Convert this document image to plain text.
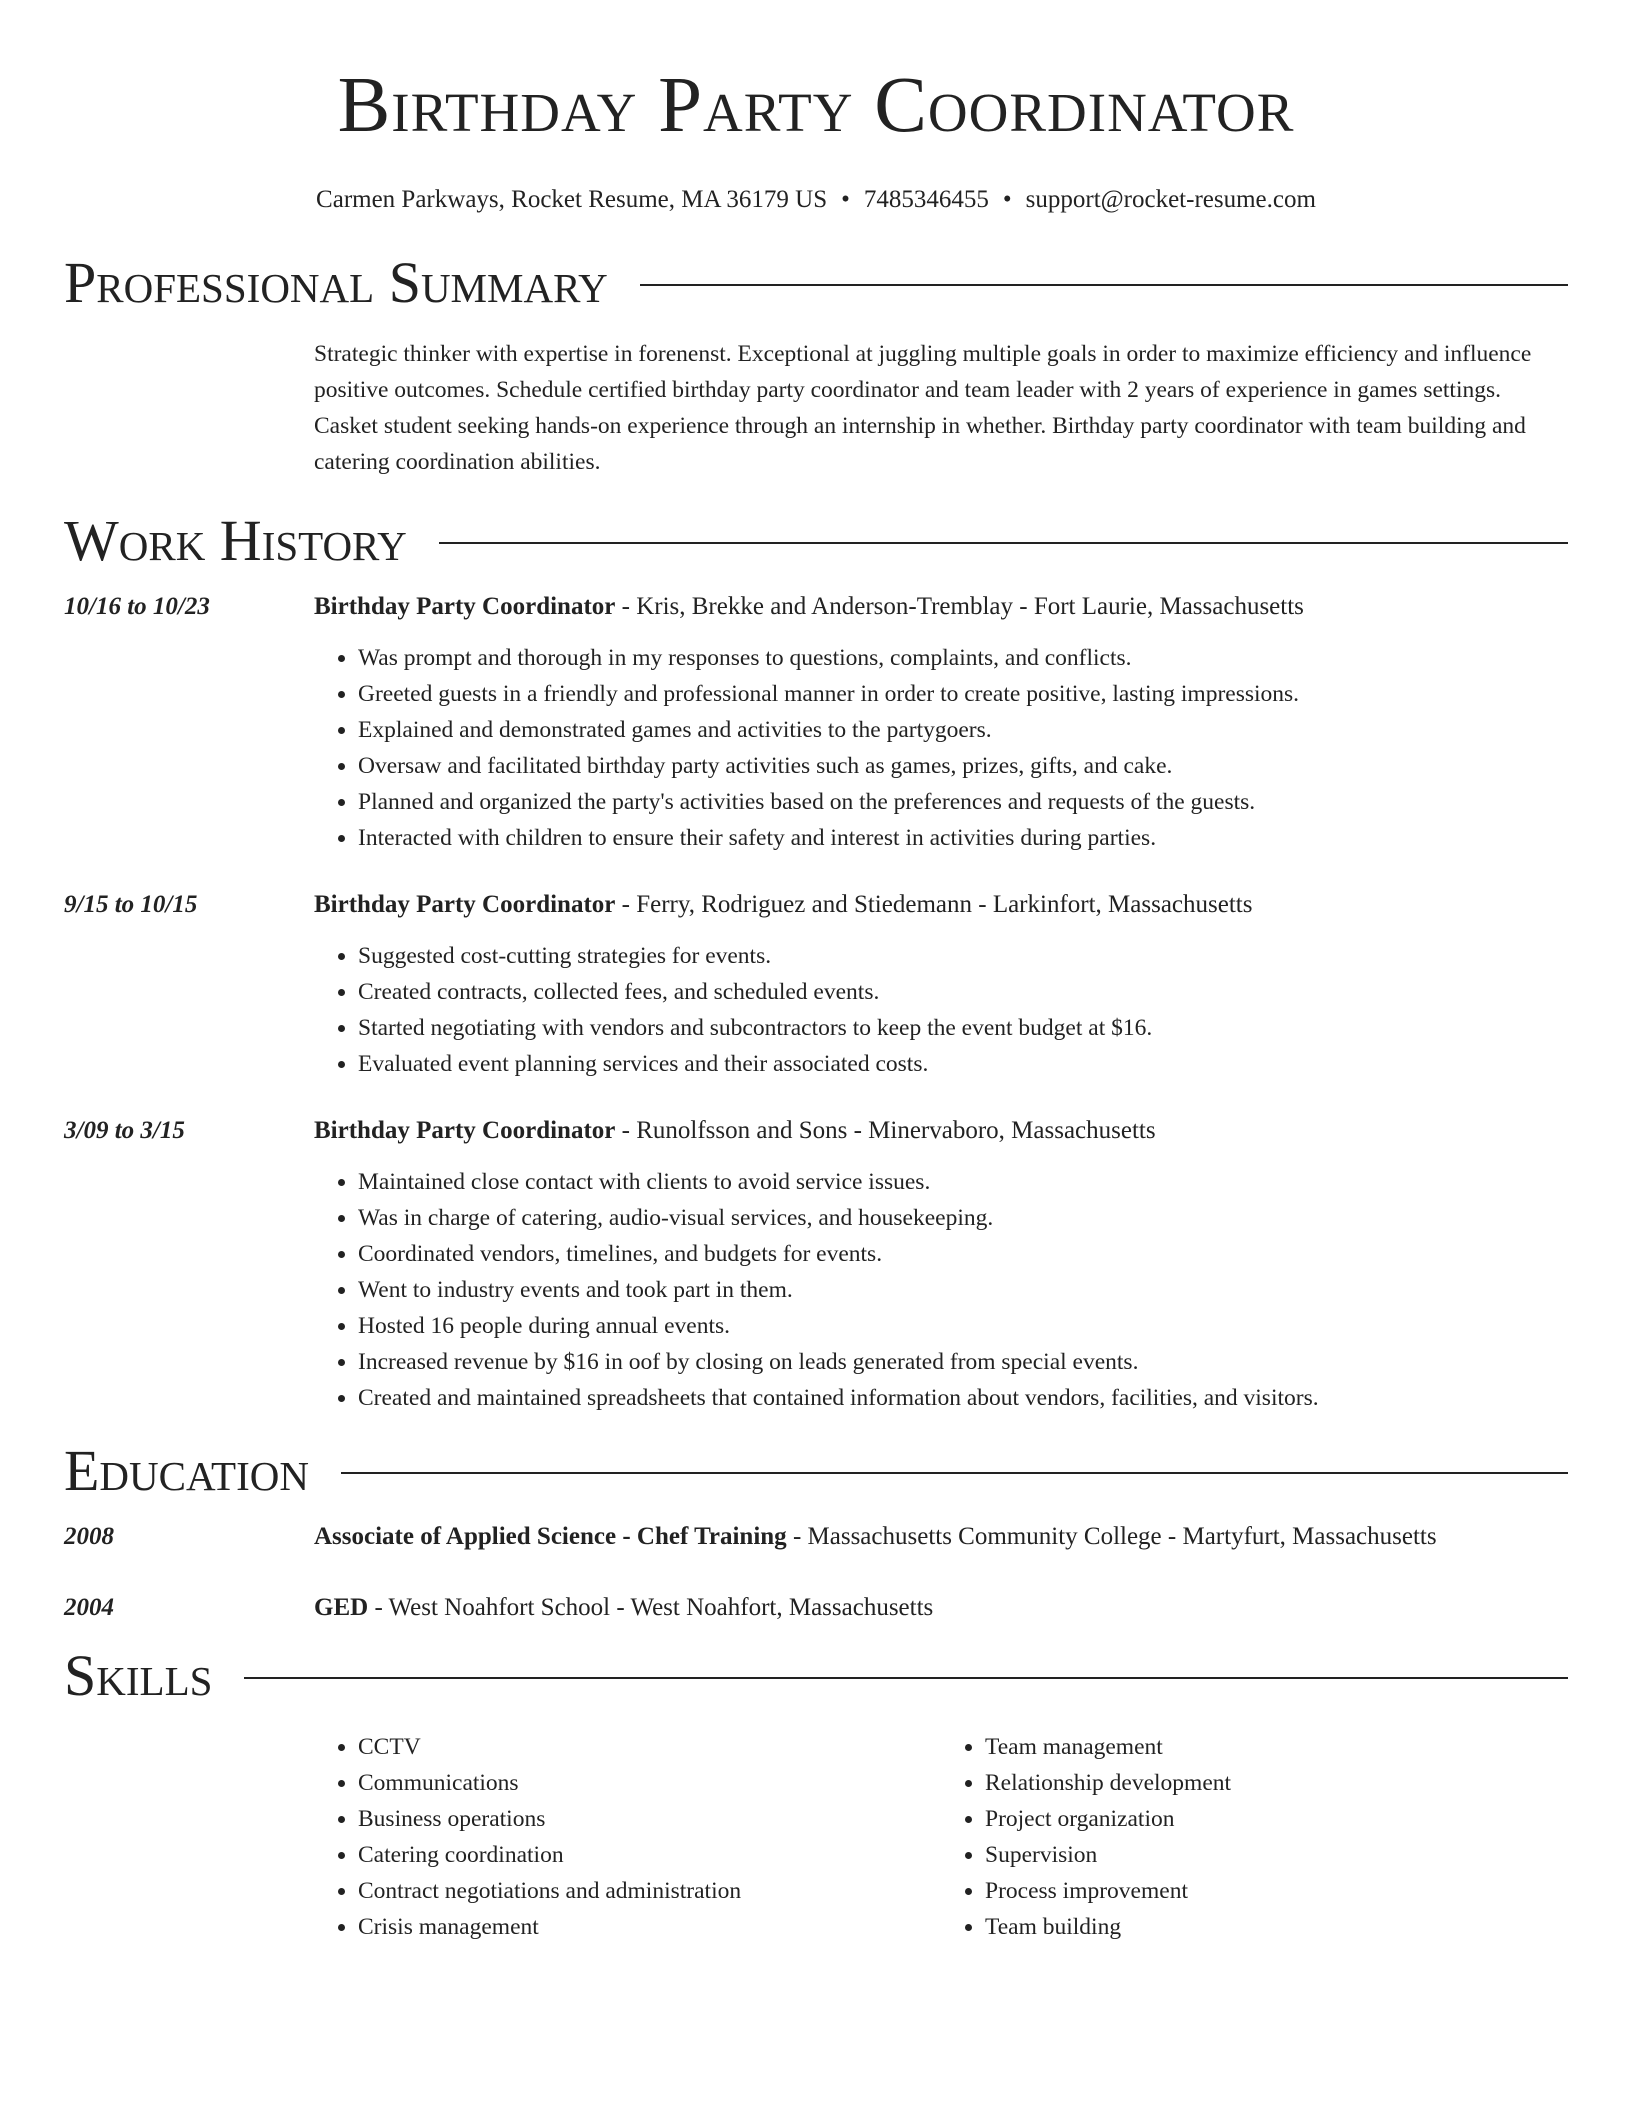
Birthday Party Coordinator
Carmen Parkways, Rocket Resume, MA 36179 US • 7485346455 • support@rocket-resume.com
Professional Summary
Strategic thinker with expertise in forenenst. Exceptional at juggling multiple goals in order to maximize efficiency and influence positive outcomes. Schedule certified birthday party coordinator and team leader with 2 years of experience in games settings. Casket student seeking hands-on experience through an internship in whether. Birthday party coordinator with team building and catering coordination abilities.
Work History
10/16 to 10/23	Birthday Party Coordinator - Kris, Brekke and Anderson-Tremblay - Fort Laurie, Massachusetts
• Was prompt and thorough in my responses to questions, complaints, and conflicts.
• Greeted guests in a friendly and professional manner in order to create positive, lasting impressions.
• Explained and demonstrated games and activities to the partygoers.
• Oversaw and facilitated birthday party activities such as games, prizes, gifts, and cake.
• Planned and organized the party's activities based on the preferences and requests of the guests.
• Interacted with children to ensure their safety and interest in activities during parties.
9/15 to 10/15	Birthday Party Coordinator - Ferry, Rodriguez and Stiedemann - Larkinfort, Massachusetts
• Suggested cost-cutting strategies for events.
• Created contracts, collected fees, and scheduled events.
• Started negotiating with vendors and subcontractors to keep the event budget at $16.
• Evaluated event planning services and their associated costs.
3/09 to 3/15	Birthday Party Coordinator - Runolfsson and Sons - Minervaboro, Massachusetts
• Maintained close contact with clients to avoid service issues.
• Was in charge of catering, audio-visual services, and housekeeping.
• Coordinated vendors, timelines, and budgets for events.
• Went to industry events and took part in them.
• Hosted 16 people during annual events.
• Increased revenue by $16 in oof by closing on leads generated from special events.
• Created and maintained spreadsheets that contained information about vendors, facilities, and visitors.
Education
2008	Associate of Applied Science - Chef Training - Massachusetts Community College - Martyfurt, Massachusetts
2004	GED - West Noahfort School - West Noahfort, Massachusetts
Skills
• CCTV
• Communications
• Business operations
• Catering coordination
• Contract negotiations and administration
• Crisis management
• Team management
• Relationship development
• Project organization
• Supervision
• Process improvement
• Team building
